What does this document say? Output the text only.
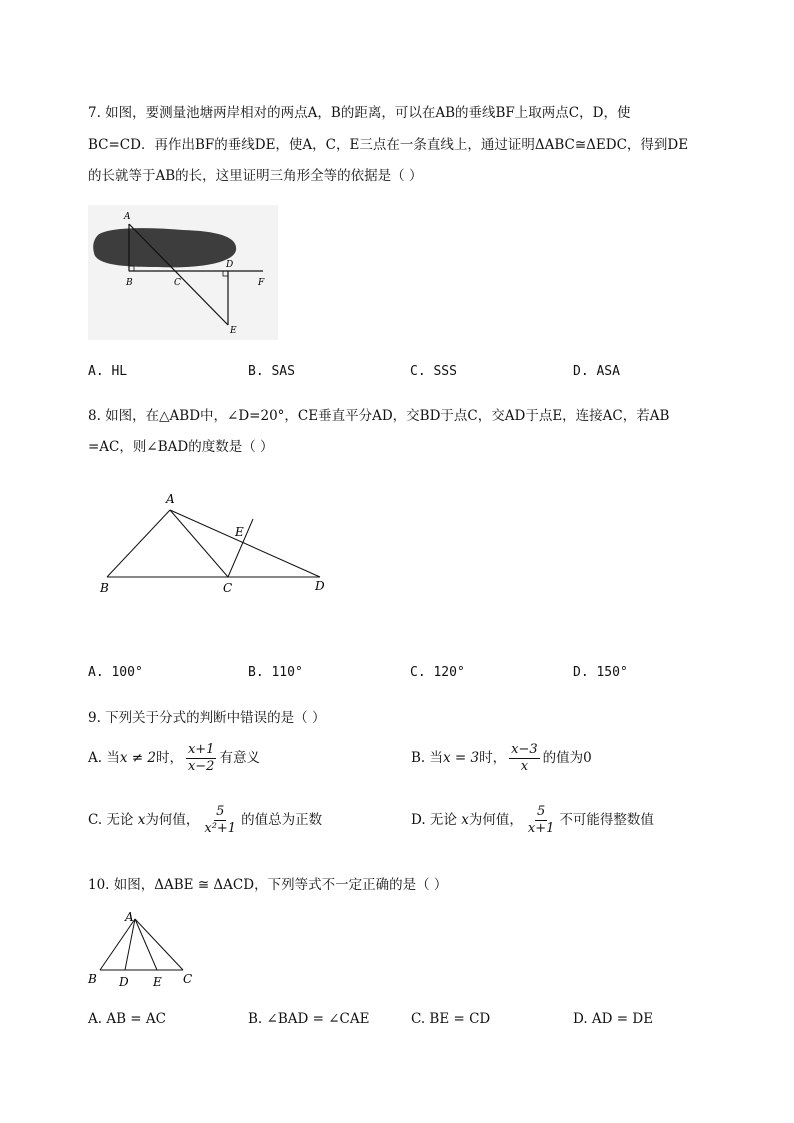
7. 如图，要测量池塘两岸相对的两点A，B的距离，可以在AB的垂线BF上取两点C，D，使
BC=CD．再作出BF的垂线DE，使A，C，E三点在一条直线上，通过证明ΔABC≅ΔEDC，得到DE
的长就等于AB的长，这里证明三角形全等的依据是（ ）
A
B	C
D
F
E
A. HL	B. SAS	C. SSS	D. ASA
8. 如图，在△ABD中，∠D=20°，CE垂直平分AD，交BD于点C，交AD于点E，连接AC，若AB
=AC，则∠BAD的度数是（ ）
A
E
B	C	D
A. 100°	B. 110°	C. 120°	D. 150°
9. 下列关于分式的判断中错误的是（ ）
A. 当x ≠ 2时， $\frac{x+1}{x-2}$ 有意义	B. 当x = 3时， $\frac{x-3}{x}$ 的值为0
C. 无论 x为何值， $\frac{5}{\text{x²+1}}$ 的值总为正数	D. 无论 x为何值， $\frac{5}{x+1}$ 不可能得整数值
10. 如图，ΔABE ≅ ΔACD，下列等式不一定正确的是（ ）
A
B D E C
A. AB = AC	B. ∠BAD = ∠CAE	C. BE = CD	D. AD = DE
